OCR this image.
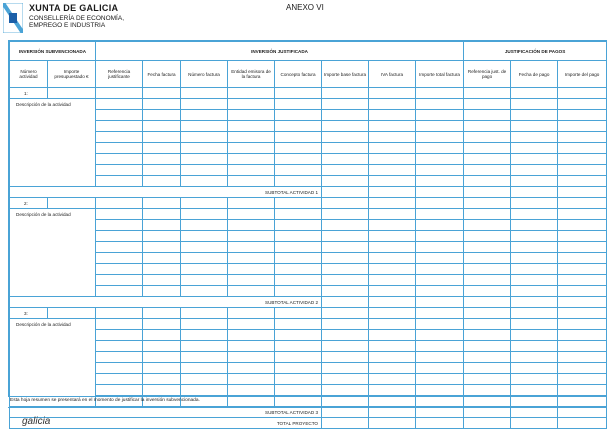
XUNTA DE GALICIA
CONSELLERÍA DE ECONOMÍA,
EMPREGO E INDUSTRIA
ANEXO VI
INVERSIÓN SUBVENCIONADA		INVERSIÓN JUSTIFICADA								JUSTIFICACIÓN DE PAGOS		
Número actividad	Importe presupuestado €	Referencia justificante	Fecha factura	Número factura	Entidad emisora de la factura	Concepto factura	Importe base factura	IVA factura	Importe total factura	Referencia just. de pago	Fecha de pago	Importe del pago
1:												
Descripción de la actividad												

SUBTOTAL ACTIVIDAD 1												
2:												
Descripción de la actividad												

SUBTOTAL ACTIVIDAD 2												
3:												
Descripción de la actividad												

SUBTOTAL ACTIVIDAD 3												
TOTAL PROYECTO												
Esta hoja resumen se presentará en el momento de justificar la inversión subvencionada.
galicia
